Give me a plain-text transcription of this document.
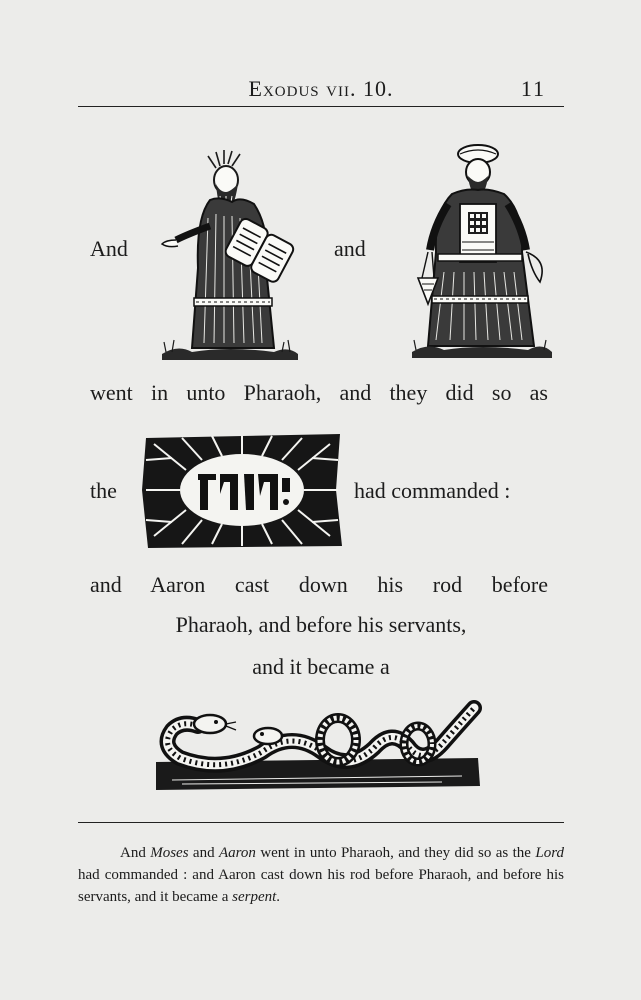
Exodus vii. 10.	11
And	and
went in unto Pharaoh, and they did so as
the	had commanded :
and Aaron cast down his rod before
Pharaoh, and before his servants,
and it became a

And Moses and Aaron went in unto Pharaoh, and they did so as the Lord had commanded : and Aaron cast down his rod before Pharaoh, and before his servants, and it became a serpent.
